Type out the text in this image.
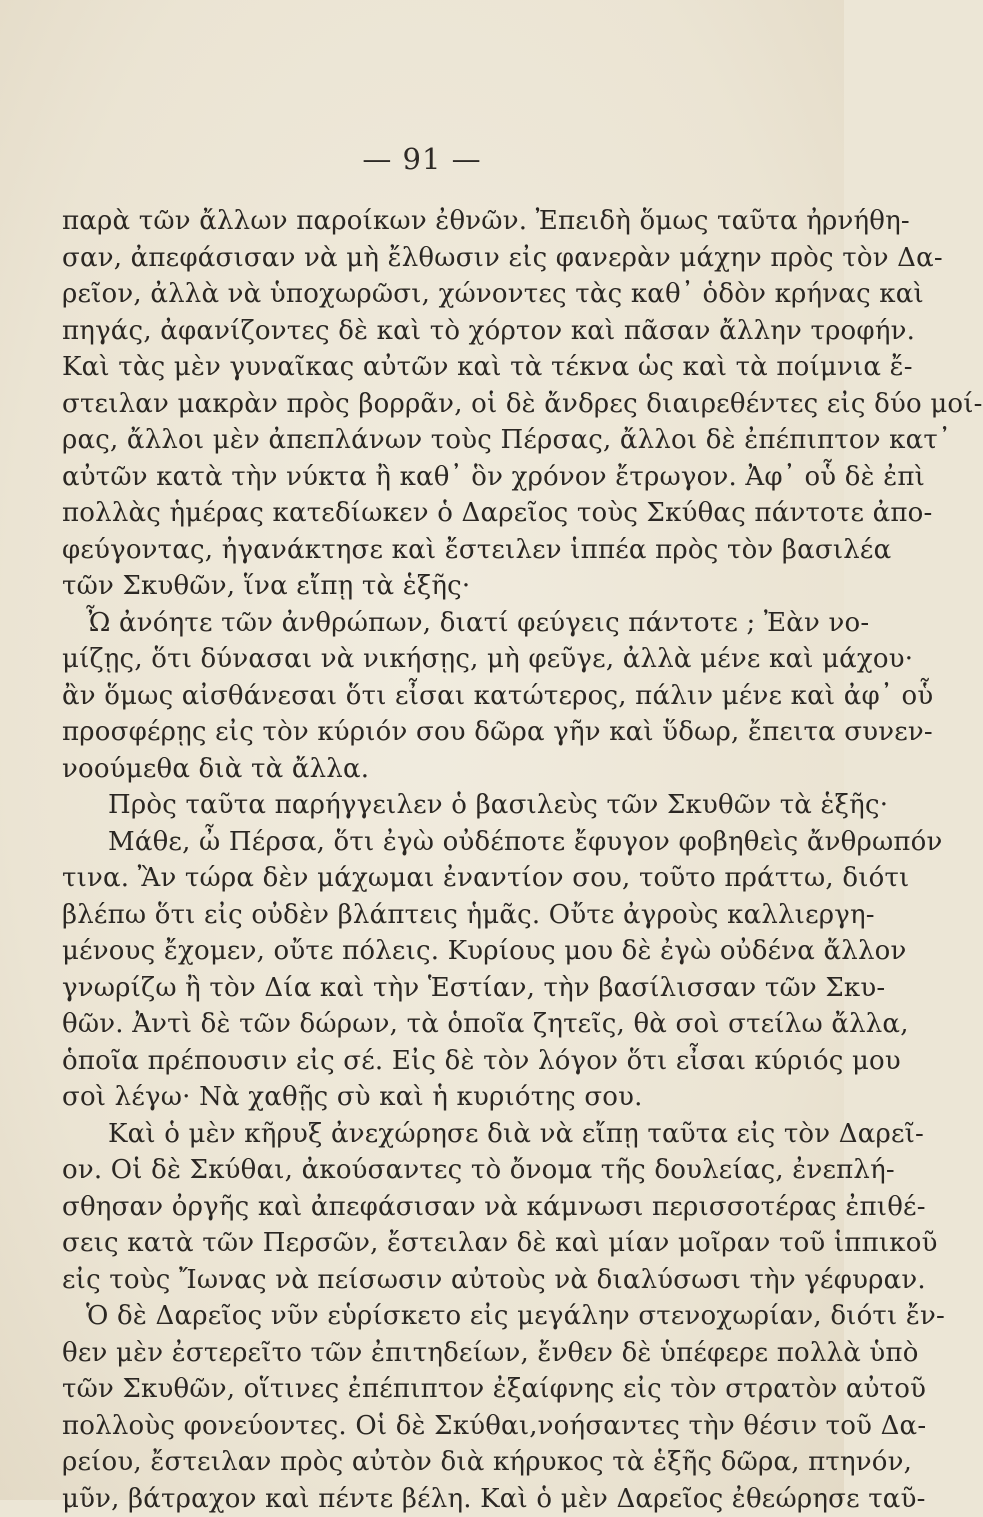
— 91 —
παρὰ τῶν ἄλλων παροίκων ἐθνῶν. Ἐπειδὴ ὅμως ταῦτα ἠρνήθη-
σαν, ἀπεφάσισαν νὰ μὴ ἔλθωσιν εἰς φανερὰν μάχην πρὸς τὸν Δα-
ρεῖον, ἀλλὰ νὰ ὑποχωρῶσι, χώνοντες τὰς καθ᾽ ὁδὸν κρήνας καὶ
πηγάς, ἀφανίζοντες δὲ καὶ τὸ χόρτον καὶ πᾶσαν ἄλλην τροφήν.
Καὶ τὰς μὲν γυναῖκας αὐτῶν καὶ τὰ τέκνα ὡς καὶ τὰ ποίμνια ἔ-
στειλαν μακρὰν πρὸς βορρᾶν, οἱ δὲ ἄνδρες διαιρεθέντες εἰς δύο μοί-
ρας, ἄλλοι μὲν ἀπεπλάνων τοὺς Πέρσας, ἄλλοι δὲ ἐπέπιπτον κατ᾽
αὐτῶν κατὰ τὴν νύκτα ἢ καθ᾽ ὃν χρόνον ἔτρωγον. Ἀφ᾽ οὗ δὲ ἐπὶ
πολλὰς ἡμέρας κατεδίωκεν ὁ Δαρεῖος τοὺς Σκύθας πάντοτε ἀπο-
φεύγοντας, ἠγανάκτησε καὶ ἔστειλεν ἱππέα πρὸς τὸν βασιλέα
τῶν Σκυθῶν, ἵνα εἴπῃ τὰ ἑξῆς·
Ὦ ἀνόητε τῶν ἀνθρώπων, διατί φεύγεις πάντοτε ; Ἐὰν νο-
μίζῃς, ὅτι δύνασαι νὰ νικήσῃς, μὴ φεῦγε, ἀλλὰ μένε καὶ μάχου·
ἂν ὅμως αἰσθάνεσαι ὅτι εἶσαι κατώτερος, πάλιν μένε καὶ ἀφ᾽ οὗ
προσφέρῃς εἰς τὸν κύριόν σου δῶρα γῆν καὶ ὕδωρ, ἔπειτα συνεν-
νοούμεθα διὰ τὰ ἄλλα.
Πρὸς ταῦτα παρήγγειλεν ὁ βασιλεὺς τῶν Σκυθῶν τὰ ἑξῆς·
Μάθε, ὦ Πέρσα, ὅτι ἐγὼ οὐδέποτε ἔφυγον φοβηθεὶς ἄνθρωπόν
τινα. Ἂν τώρα δὲν μάχωμαι ἐναντίον σου, τοῦτο πράττω, διότι
βλέπω ὅτι εἰς οὐδὲν βλάπτεις ἡμᾶς. Οὔτε ἀγροὺς καλλιεργη-
μένους ἔχομεν, οὔτε πόλεις. Κυρίους μου δὲ ἐγὼ οὐδένα ἄλλον
γνωρίζω ἢ τὸν Δία καὶ τὴν Ἑστίαν, τὴν βασίλισσαν τῶν Σκυ-
θῶν. Ἀντὶ δὲ τῶν δώρων, τὰ ὁποῖα ζητεῖς, θὰ σοὶ στείλω ἄλλα,
ὁποῖα πρέπουσιν εἰς σέ. Εἰς δὲ τὸν λόγον ὅτι εἶσαι κύριός μου
σοὶ λέγω· Νὰ χαθῇς σὺ καὶ ἡ κυριότης σου.
Καὶ ὁ μὲν κῆρυξ ἀνεχώρησε διὰ νὰ εἴπῃ ταῦτα εἰς τὸν Δαρεῖ-
ον. Οἱ δὲ Σκύθαι, ἀκούσαντες τὸ ὄνομα τῆς δουλείας, ἐνεπλή-
σθησαν ὀργῆς καὶ ἀπεφάσισαν νὰ κάμνωσι περισσοτέρας ἐπιθέ-
σεις κατὰ τῶν Περσῶν, ἔστειλαν δὲ καὶ μίαν μοῖραν τοῦ ἱππικοῦ
εἰς τοὺς Ἴωνας νὰ πείσωσιν αὐτοὺς νὰ διαλύσωσι τὴν γέφυραν.
Ὁ δὲ Δαρεῖος νῦν εὑρίσκετο εἰς μεγάλην στενοχωρίαν, διότι ἔν-
θεν μὲν ἐστερεῖτο τῶν ἐπιτηδείων, ἔνθεν δὲ ὑπέφερε πολλὰ ὑπὸ
τῶν Σκυθῶν, οἵτινες ἐπέπιπτον ἐξαίφνης εἰς τὸν στρατὸν αὐτοῦ
πολλοὺς φονεύοντες. Οἱ δὲ Σκύθαι,νοήσαντες τὴν θέσιν τοῦ Δα-
ρείου, ἔστειλαν πρὸς αὐτὸν διὰ κήρυκος τὰ ἑξῆς δῶρα, πτηνόν,
μῦν, βάτραχον καὶ πέντε βέλη. Καὶ ὁ μὲν Δαρεῖος ἐθεώρησε ταῦ-
